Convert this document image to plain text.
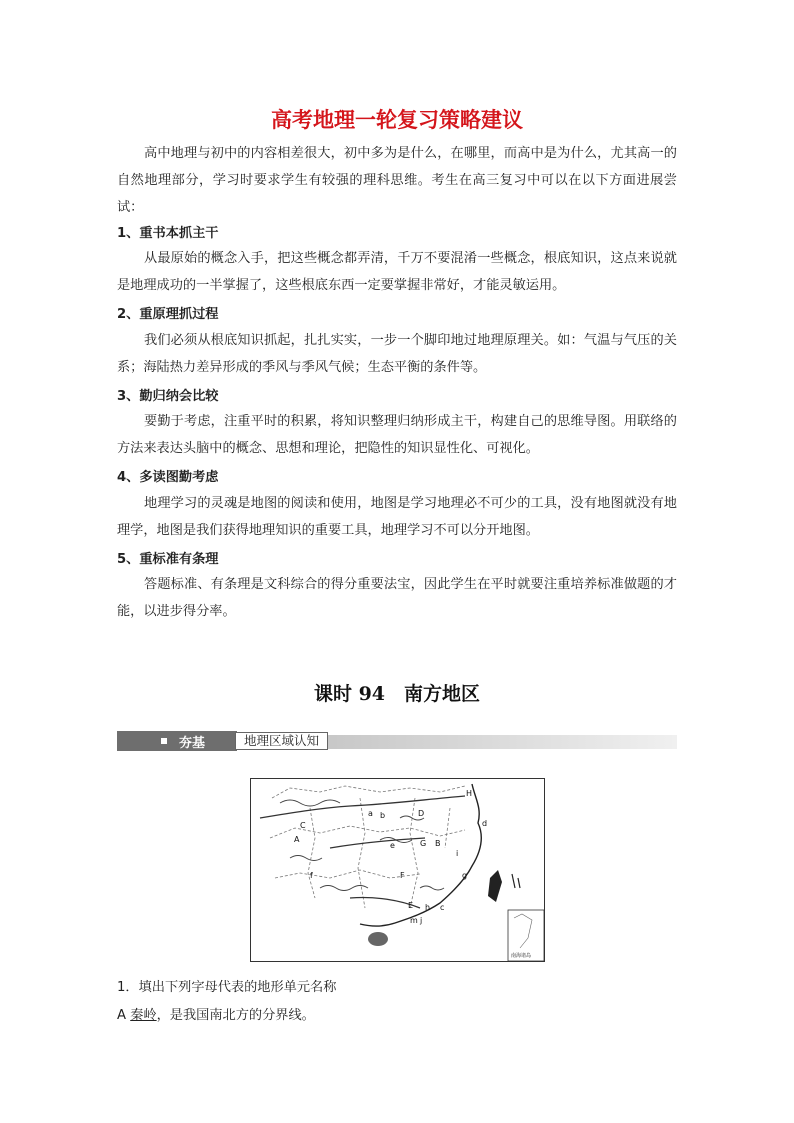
高考地理一轮复习策略建议

高中地理与初中的内容相差很大，初中多为是什么，在哪里，而高中是为什么，尤其高一的自然地理部分，学习时要求学生有较强的理科思维。考生在高三复习中可以在以下方面进展尝试：

1、重书本抓主干

从最原始的概念入手，把这些概念都弄清，千万不要混淆一些概念，根底知识，这点来说就是地理成功的一半掌握了，这些根底东西一定要掌握非常好，才能灵敏运用。

2、重原理抓过程

我们必须从根底知识抓起，扎扎实实，一步一个脚印地过地理原理关。如：气温与气压的关系；海陆热力差异形成的季风与季风气候；生态平衡的条件等。

3、勤归纳会比较

要勤于考虑，注重平时的积累，将知识整理归纳形成主干，构建自己的思维导图。用联络的方法来表达头脑中的概念、思想和理论，把隐性的知识显性化、可视化。

4、多读图勤考虑

地理学习的灵魂是地图的阅读和使用，地图是学习地理必不可少的工具，没有地图就没有地理学，地图是我们获得地理知识的重要工具，地理学习不可以分开地图。

5、重标准有条理

答题标准、有条理是文科综合的得分重要法宝，因此学生在平时就要注重培养标准做题的才能，以进步得分率。

课时 94　南方地区
夯基	地理区域认知
南海诸岛
A	B
C
D
E
F
G
H
a b
c
d
e
f	g
h
i
j
m

1．填出下列字母代表的地形单元名称

A 秦岭，是我国南北方的分界线。
